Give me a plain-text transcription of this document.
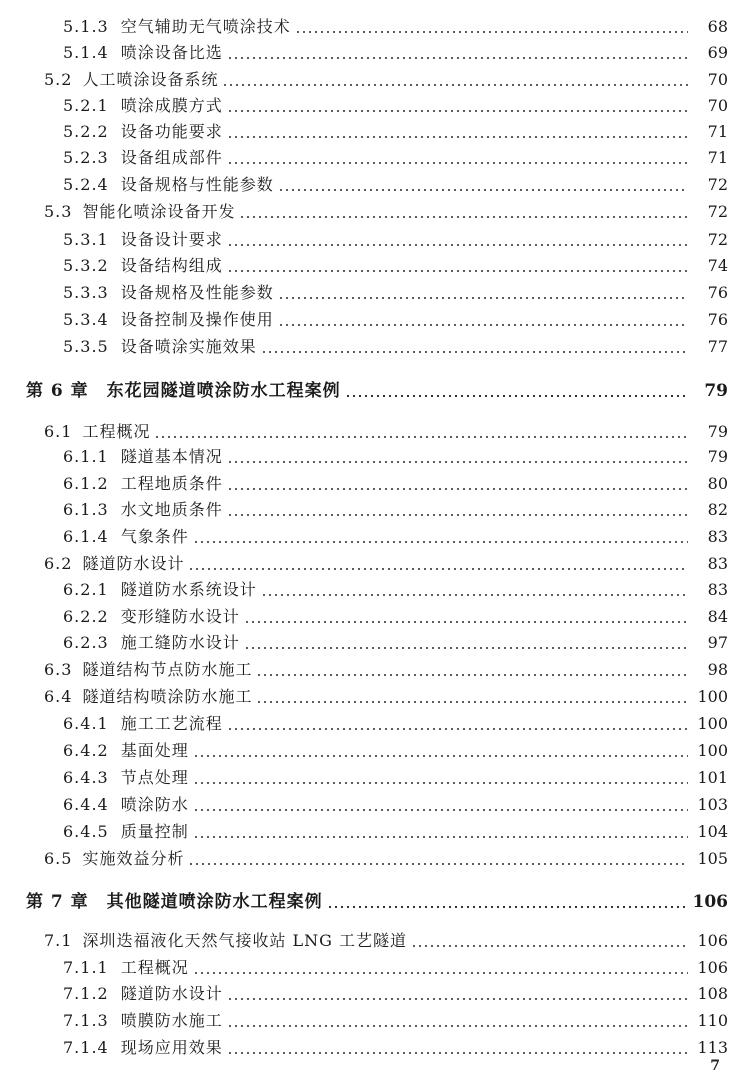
5.1.3 空气辅助无气喷涂技术	68
5.1.4 喷涂设备比选	69
5.2 人工喷涂设备系统	70
5.2.1 喷涂成膜方式	70
5.2.2 设备功能要求	71
5.2.3 设备组成部件	71
5.2.4 设备规格与性能参数	72
5.3 智能化喷涂设备开发	72
5.3.1 设备设计要求	72
5.3.2 设备结构组成	74
5.3.3 设备规格及性能参数	76
5.3.4 设备控制及操作使用	76
5.3.5 设备喷涂实施效果	77
第 6 章 东花园隧道喷涂防水工程案例	79
6.1 工程概况	79
6.1.1 隧道基本情况	79
6.1.2 工程地质条件	80
6.1.3 水文地质条件	82
6.1.4 气象条件	83
6.2 隧道防水设计	83
6.2.1 隧道防水系统设计	83
6.2.2 变形缝防水设计	84
6.2.3 施工缝防水设计	97
6.3 隧道结构节点防水施工	98
6.4 隧道结构喷涂防水施工	100
6.4.1 施工工艺流程	100
6.4.2 基面处理	100
6.4.3 节点处理	101
6.4.4 喷涂防水	103
6.4.5 质量控制	104
6.5 实施效益分析	105
第 7 章 其他隧道喷涂防水工程案例	106
7.1 深圳迭福液化天然气接收站 LNG 工艺隧道	106
7.1.1 工程概况	106
7.1.2 隧道防水设计	108
7.1.3 喷膜防水施工	110
7.1.4 现场应用效果	113
7
